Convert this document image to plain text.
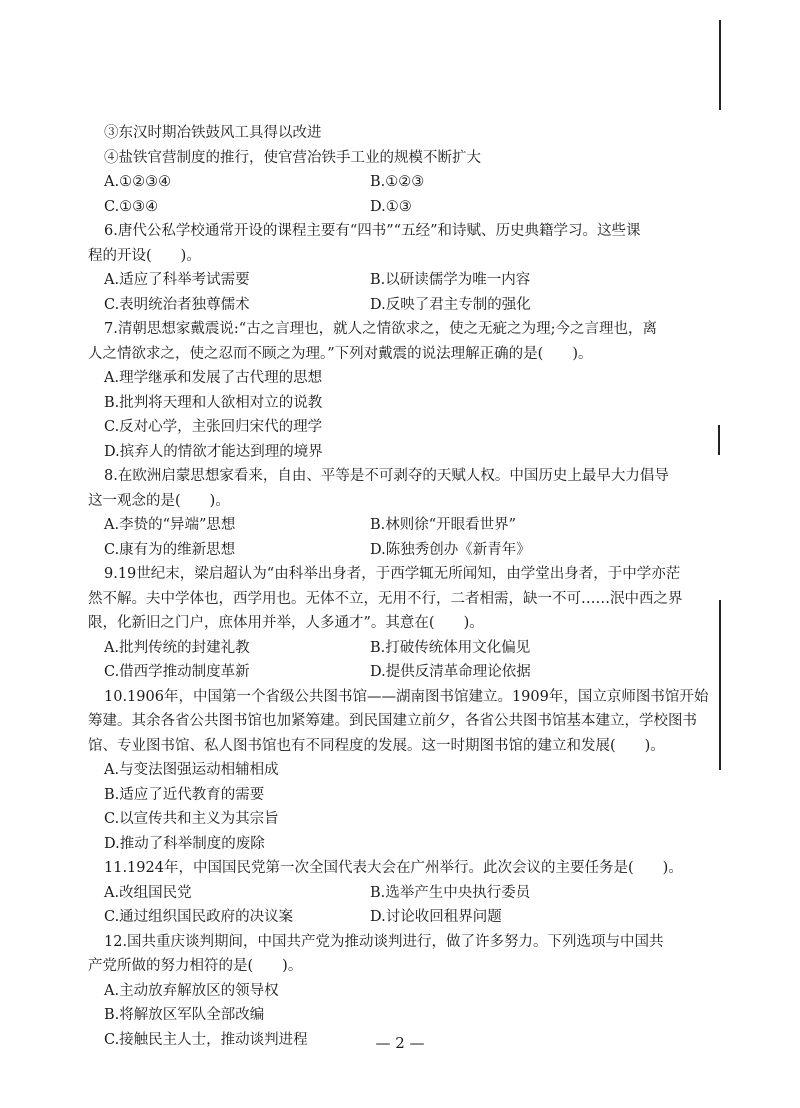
③东汉时期冶铁鼓风工具得以改进
④盐铁官营制度的推行，使官营冶铁手工业的规模不断扩大
A.①②③④	B.①②③
C.①③④	D.①③
6.唐代公私学校通常开设的课程主要有“四书”“五经”和诗赋、历史典籍学习。这些课
程的开设(　　)。
A.适应了科举考试需要	B.以研读儒学为唯一内容
C.表明统治者独尊儒术	D.反映了君主专制的强化
7.清朝思想家戴震说:“古之言理也，就人之情欲求之，使之无疵之为理;今之言理也，离
人之情欲求之，使之忍而不顾之为理。”下列对戴震的说法理解正确的是(　　)。
A.理学继承和发展了古代理的思想
B.批判将天理和人欲相对立的说教
C.反对心学，主张回归宋代的理学
D.摈弃人的情欲才能达到理的境界
8.在欧洲启蒙思想家看来，自由、平等是不可剥夺的天赋人权。中国历史上最早大力倡导
这一观念的是(　　)。
A.李贽的“异端”思想	B.林则徐“开眼看世界”
C.康有为的维新思想	D.陈独秀创办《新青年》
9.19世纪末，梁启超认为“由科举出身者，于西学辄无所闻知，由学堂出身者，于中学亦茫
然不解。夫中学体也，西学用也。无体不立，无用不行，二者相需，缺一不可……泯中西之界
限，化新旧之门户，庶体用并举，人多通才”。其意在(　　)。
A.批判传统的封建礼教	B.打破传统体用文化偏见
C.借西学推动制度革新	D.提供反清革命理论依据
10.1906年，中国第一个省级公共图书馆——湖南图书馆建立。1909年，国立京师图书馆开始
筹建。其余各省公共图书馆也加紧筹建。到民国建立前夕，各省公共图书馆基本建立，学校图书
馆、专业图书馆、私人图书馆也有不同程度的发展。这一时期图书馆的建立和发展(　　)。
A.与变法图强运动相辅相成
B.适应了近代教育的需要
C.以宣传共和主义为其宗旨
D.推动了科举制度的废除
11.1924年，中国国民党第一次全国代表大会在广州举行。此次会议的主要任务是(　　)。
A.改组国民党	B.选举产生中央执行委员
C.通过组织国民政府的决议案	D.讨论收回租界问题
12.国共重庆谈判期间，中国共产党为推动谈判进行，做了许多努力。下列选项与中国共
产党所做的努力相符的是(　　)。
A.主动放弃解放区的领导权
B.将解放区军队全部改编
C.接触民主人士，推动谈判进程	— 2 —
